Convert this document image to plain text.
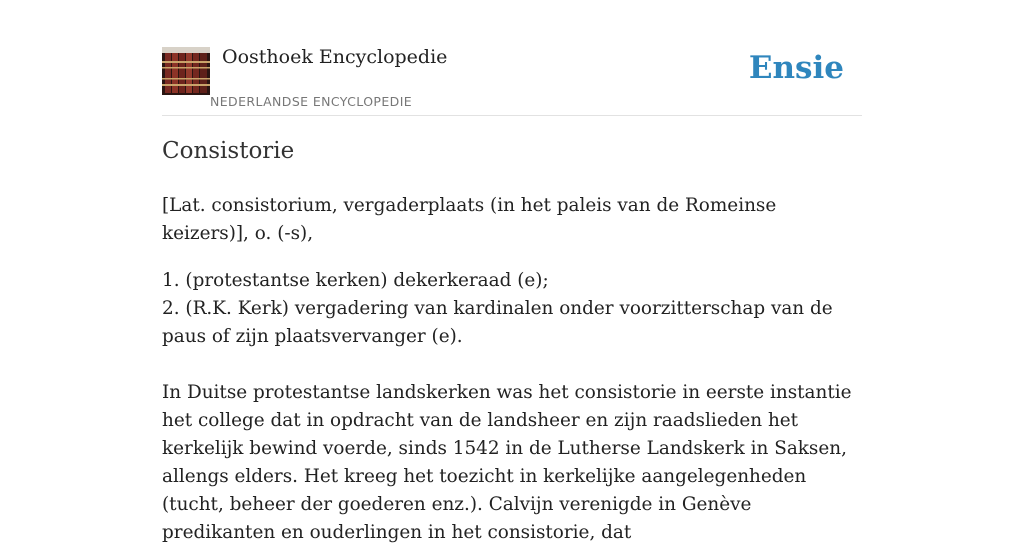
Oosthoek Encyclopedie
NEDERLANDSE ENCYCLOPEDIE
Ensie
Consistorie

[Lat. consistorium, vergaderplaats (in het paleis van de Romeinse keizers)], o. (-s),

1. (protestantse kerken) dekerkeraad (e);

2. (R.K. Kerk) vergadering van kardinalen onder voorzitterschap van de paus of zijn plaatsvervanger (e).

In Duitse protestantse landskerken was het consistorie in eerste instantie het college dat in opdracht van de landsheer en zijn raadslieden het kerkelijk bewind voerde, sinds 1542 in de Lutherse Landskerk in Saksen, allengs elders. Het kreeg het toezicht in kerkelijke aangelegenheden (tucht, beheer der goederen enz.). Calvijn verenigde in Genève predikanten en ouderlingen in het consistorie, dat
